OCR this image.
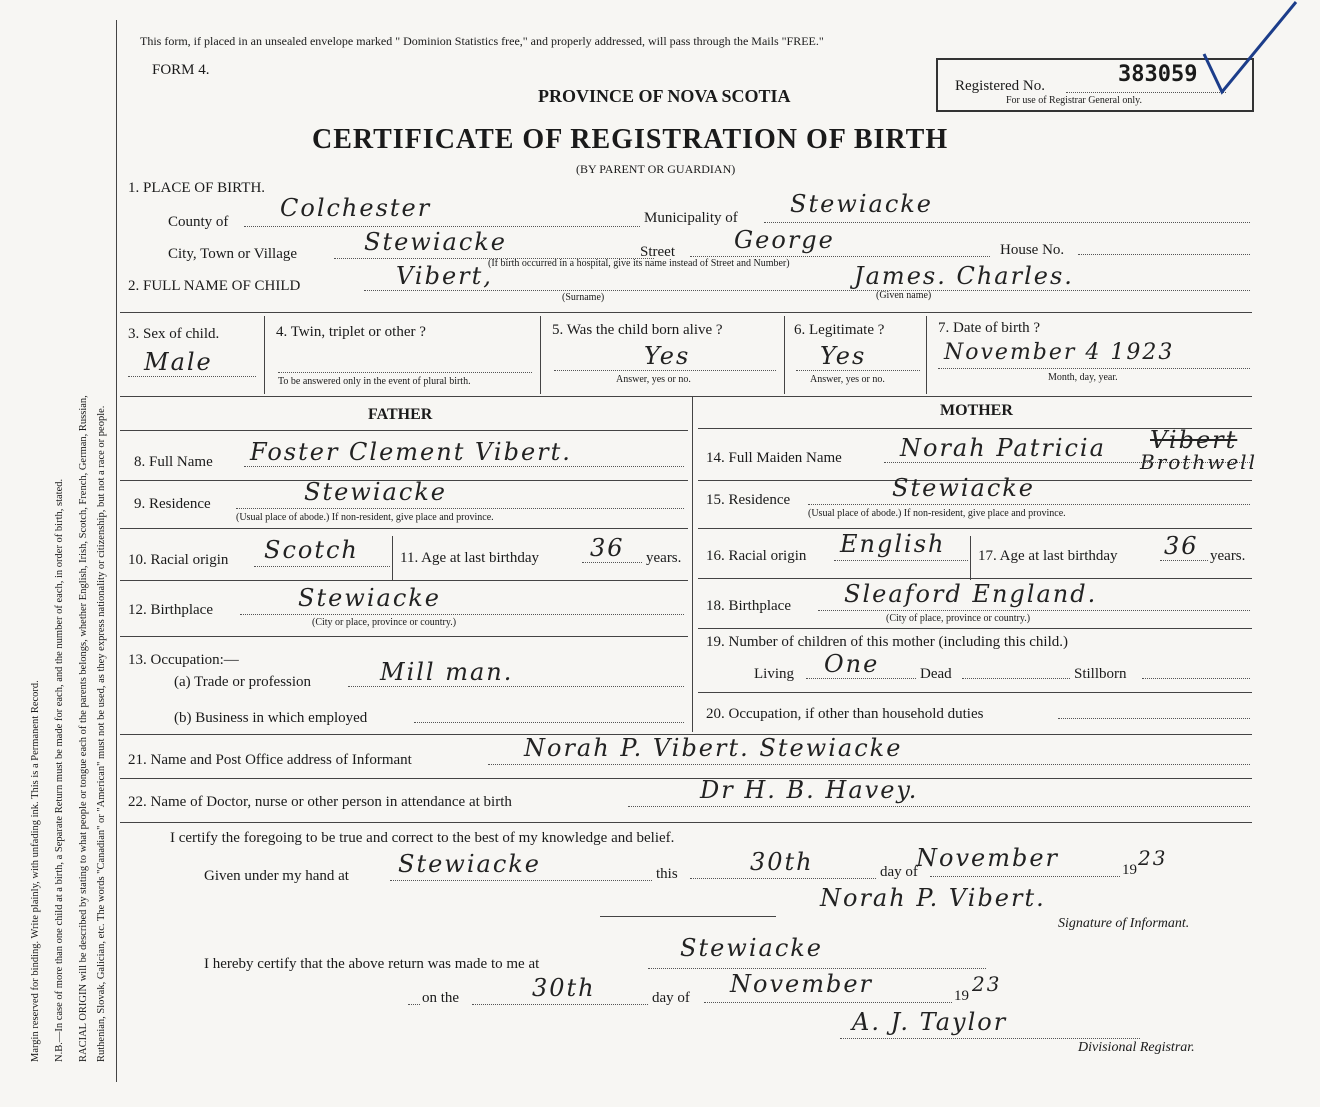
Margin reserved for binding. Write plainly, with unfading ink. This is a Permanent Record. N.B.—In case of more than one child at a birth, a Separate Return must be made for each, and the number of each, in order of birth, stated. RACIAL ORIGIN will be described by stating to what people or tongue each of the parents belongs, whether English, Irish, Scotch, French, German, Russian, Ruthenian, Slovak, Galician, etc. The words "Canadian" or "American" must not be used, as they express nationality or citizenship, but not a race or people.
This form, if placed in an unsealed envelope marked " Dominion Statistics free," and properly addressed, will pass through the Mails "FREE."
FORM 4.
PROVINCE OF NOVA SCOTIA
CERTIFICATE OF REGISTRATION OF BIRTH
(BY PARENT OR GUARDIAN)
Registered No.	383059
For use of Registrar General only.
1. PLACE OF BIRTH.
County of Colchester	Municipality of Stewiacke
City, Town or Village	Stewiacke	Street George	House No.
(If birth occurred in a hospital, give its name instead of Street and Number)
2. FULL NAME OF CHILD	Vibert,
(Surname)
James. Charles.
(Given name)
3. Sex of child.
Male
4. Twin, triplet or other ?
To be answered only in the event of plural birth.
5. Was the child born alive ?
Yes
Answer, yes or no.
6. Legitimate ?
Yes
Answer, yes or no.
7. Date of birth ?
November 4 1923
Month, day, year.
FATHER	MOTHER
8. Full Name Foster Clement Vibert.
9. Residence	Stewiacke
(Usual place of abode.) If non-resident, give place and province.
10. Racial origin Scotch	11. Age at last birthday 36 years.
12. Birthplace	Stewiacke
(City or place, province or country.)
13. Occupation:—
(a) Trade or profession	Mill man.
(b) Business in which employed
14. Full Maiden Name Norah Patricia Vibert
Brothwell
15. Residence	Stewiacke
(Usual place of abode.) If non-resident, give place and province.
16. Racial origin English 17. Age at last birthday 36 years.
18. Birthplace Sleaford England.
(City of place, province or country.)
19. Number of children of this mother (including this child.)
Living One	Dead	Stillborn
20. Occupation, if other than household duties
21. Name and Post Office address of Informant	Norah P. Vibert. Stewiacke
22. Name of Doctor, nurse or other person in attendance at birth	Dr H. B. Havey.
I certify the foregoing to be true and correct to the best of my knowledge and belief.
Given under my hand at Stewiacke	this	30th	day of
November	19 23
Norah P. Vibert.
Signature of Informant.
I hereby certify that the above return was made to me at
Stewiacke
on the	30th	day of November	19 23
A. J. Taylor
Divisional Registrar.
